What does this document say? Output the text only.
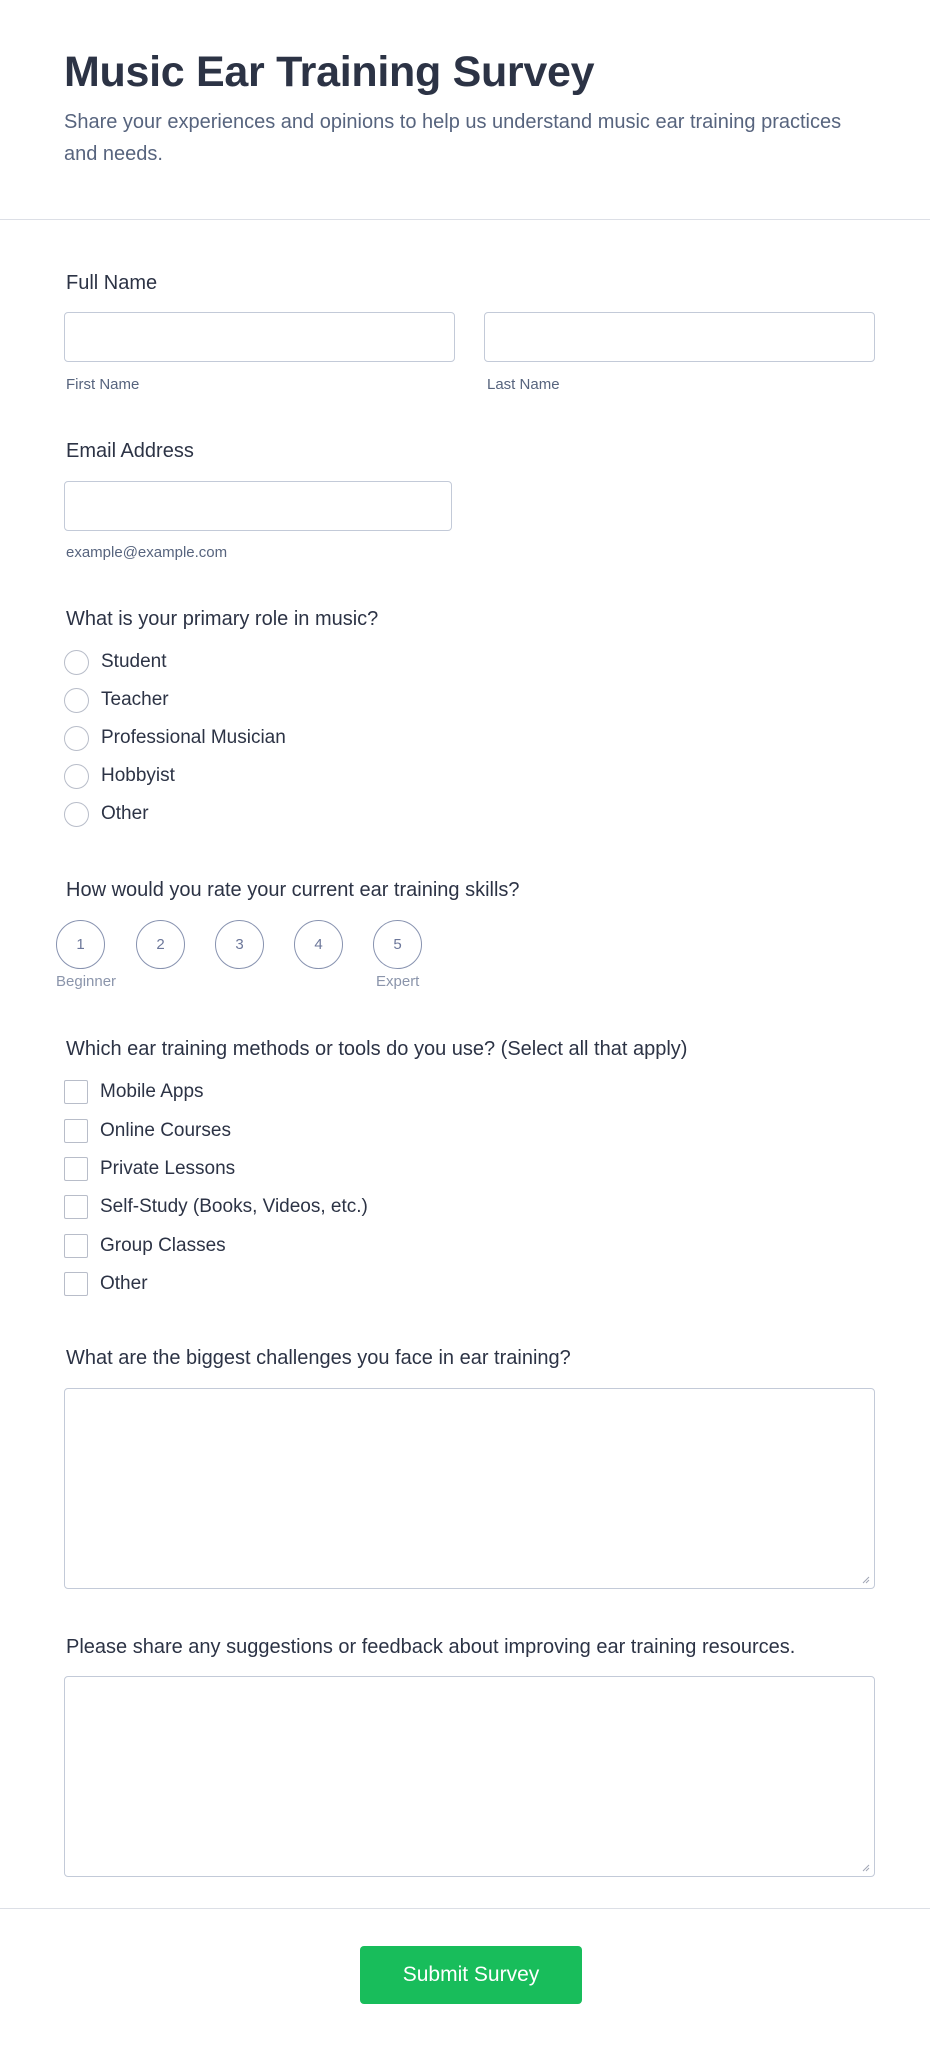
Music Ear Training Survey

Share your experiences and opinions to help us understand music ear training practices and needs.

Full Name
First Name	Last Name
Email Address
example@example.com
What is your primary role in music?
Student
Teacher
Professional Musician
Hobbyist
Other
How would you rate your current ear training skills?
1	2	3	4	5
Beginner	Expert
Which ear training methods or tools do you use? (Select all that apply)
Mobile Apps
Online Courses
Private Lessons
Self-Study (Books, Videos, etc.)
Group Classes
Other
What are the biggest challenges you face in ear training?
Please share any suggestions or feedback about improving ear training resources.
Submit Survey
